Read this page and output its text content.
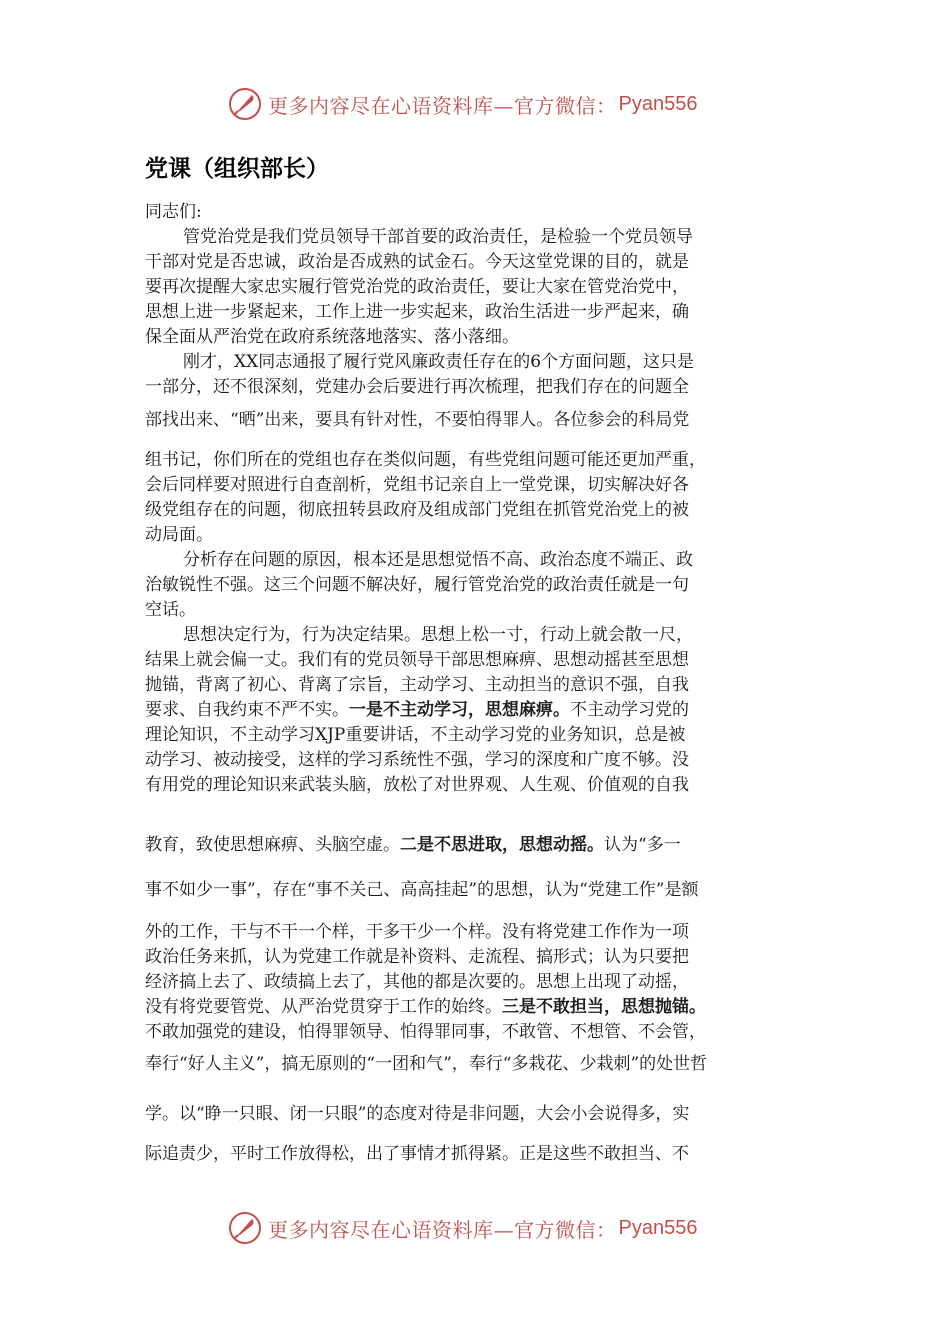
更多内容尽在心语资料库—官方微信： Pyan556
党课（组织部长）
同志们:
管党治党是我们党员领导干部首要的政治责任，是检验一个党员领导
干部对党是否忠诚，政治是否成熟的试金石。今天这堂党课的目的，就是
要再次提醒大家忠实履行管党治党的政治责任，要让大家在管党治党中，
思想上进一步紧起来，工作上进一步实起来，政治生活进一步严起来，确
保全面从严治党在政府系统落地落实、落小落细。
刚才，XX同志通报了履行党风廉政责任存在的6个方面问题，这只是
一部分，还不很深刻，党建办会后要进行再次梳理，把我们存在的问题全
部找出来、“晒”出来，要具有针对性，不要怕得罪人。各位参会的科局党
组书记，你们所在的党组也存在类似问题，有些党组问题可能还更加严重，
会后同样要对照进行自查剖析，党组书记亲自上一堂党课，切实解决好各
级党组存在的问题，彻底扭转县政府及组成部门党组在抓管党治党上的被
动局面。
分析存在问题的原因，根本还是思想觉悟不高、政治态度不端正、政
治敏锐性不强。这三个问题不解决好，履行管党治党的政治责任就是一句
空话。
思想决定行为，行为决定结果。思想上松一寸，行动上就会散一尺，
结果上就会偏一丈。我们有的党员领导干部思想麻痹、思想动摇甚至思想
抛锚，背离了初心、背离了宗旨，主动学习、主动担当的意识不强，自我
要求、自我约束不严不实。一是不主动学习，思想麻痹。不主动学习党的
理论知识，不主动学习XJP重要讲话，不主动学习党的业务知识，总是被
动学习、被动接受，这样的学习系统性不强，学习的深度和广度不够。没
有用党的理论知识来武装头脑，放松了对世界观、人生观、价值观的自我
教育，致使思想麻痹、头脑空虚。二是不思进取，思想动摇。认为“多一
事不如少一事”，存在“事不关己、高高挂起”的思想，认为“党建工作”是额
外的工作，干与不干一个样，干多干少一个样。没有将党建工作作为一项
政治任务来抓，认为党建工作就是补资料、走流程、搞形式；认为只要把
经济搞上去了、政绩搞上去了，其他的都是次要的。思想上出现了动摇，
没有将党要管党、从严治党贯穿于工作的始终。三是不敢担当，思想抛锚。
不敢加强党的建设，怕得罪领导、怕得罪同事，不敢管、不想管、不会管，
奉行“好人主义”，搞无原则的“一团和气”，奉行“多栽花、少栽刺”的处世哲
学。以“睁一只眼、闭一只眼”的态度对待是非问题，大会小会说得多，实
际追责少，平时工作放得松，出了事情才抓得紧。正是这些不敢担当、不
更多内容尽在心语资料库—官方微信： Pyan556
